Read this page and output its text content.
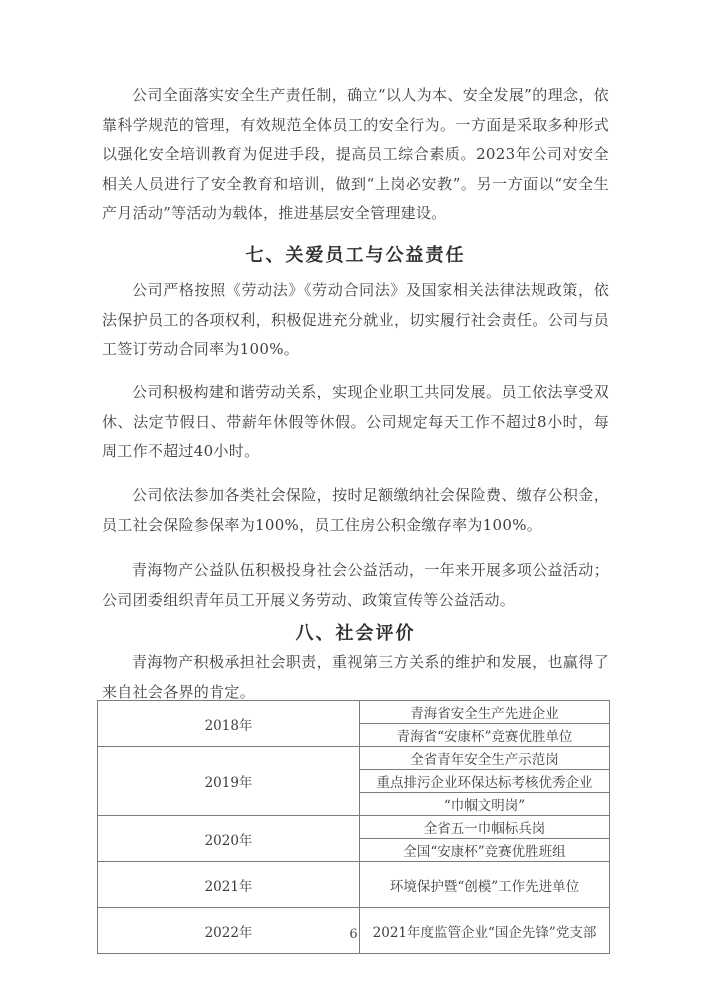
公司全面落实安全生产责任制，确立“以人为本、安全发展”的理念，依靠科学规范的管理，有效规范全体员工的安全行为。一方面是采取多种形式以强化安全培训教育为促进手段，提高员工综合素质。2023年公司对安全相关人员进行了安全教育和培训，做到“上岗必安教”。另一方面以“安全生产月活动”等活动为载体，推进基层安全管理建设。

七、关爱员工与公益责任

公司严格按照《劳动法》《劳动合同法》及国家相关法律法规政策，依法保护员工的各项权利，积极促进充分就业，切实履行社会责任。公司与员工签订劳动合同率为100%。

公司积极构建和谐劳动关系，实现企业职工共同发展。员工依法享受双休、法定节假日、带薪年休假等休假。公司规定每天工作不超过8小时，每周工作不超过40小时。

公司依法参加各类社会保险，按时足额缴纳社会保险费、缴存公积金，员工社会保险参保率为100%，员工住房公积金缴存率为100%。

青海物产公益队伍积极投身社会公益活动，一年来开展多项公益活动；公司团委组织青年员工开展义务劳动、政策宣传等公益活动。

八、社会评价

青海物产积极承担社会职责，重视第三方关系的维护和发展，也赢得了来自社会各界的肯定。

2018年	青海省安全生产先进企业
	青海省“安康杯”竞赛优胜单位
2019年	全省青年安全生产示范岗
	重点排污企业环保达标考核优秀企业
	“巾帼文明岗”
2020年	全省五一巾帼标兵岗
	全国“安康杯”竞赛优胜班组
2021年	环境保护暨“创模”工作先进单位
2022年	2021年度监管企业“国企先锋”党支部
6
